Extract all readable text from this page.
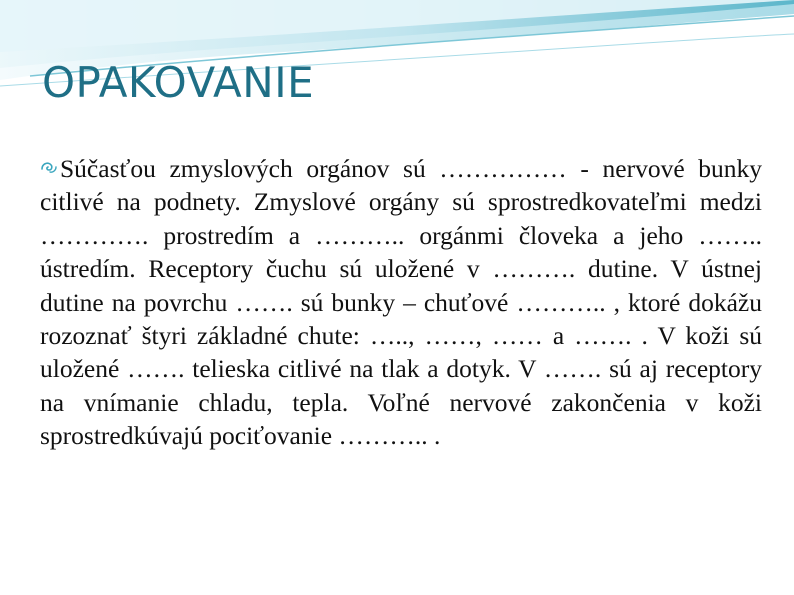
OPAKOVANIE

Súčasťou zmyslových orgánov sú …………… - nervové bunky citlivé na podnety. Zmyslové orgány sú sprostredkovateľmi medzi …………. prostredím a ……….. orgánmi človeka a jeho …….. ústredím. Receptory čuchu sú uložené v ………. dutine. V ústnej dutine na povrchu ……. sú bunky – chuťové ……….. , ktoré dokážu rozoznať štyri základné chute: ….., ……, …… a ……. . V koži sú uložené ……. telieska citlivé na tlak a dotyk. V ……. sú aj receptory na vnímanie chladu, tepla. Voľné nervové zakončenia v koži sprostredkúvajú pociťovanie ……….. .
